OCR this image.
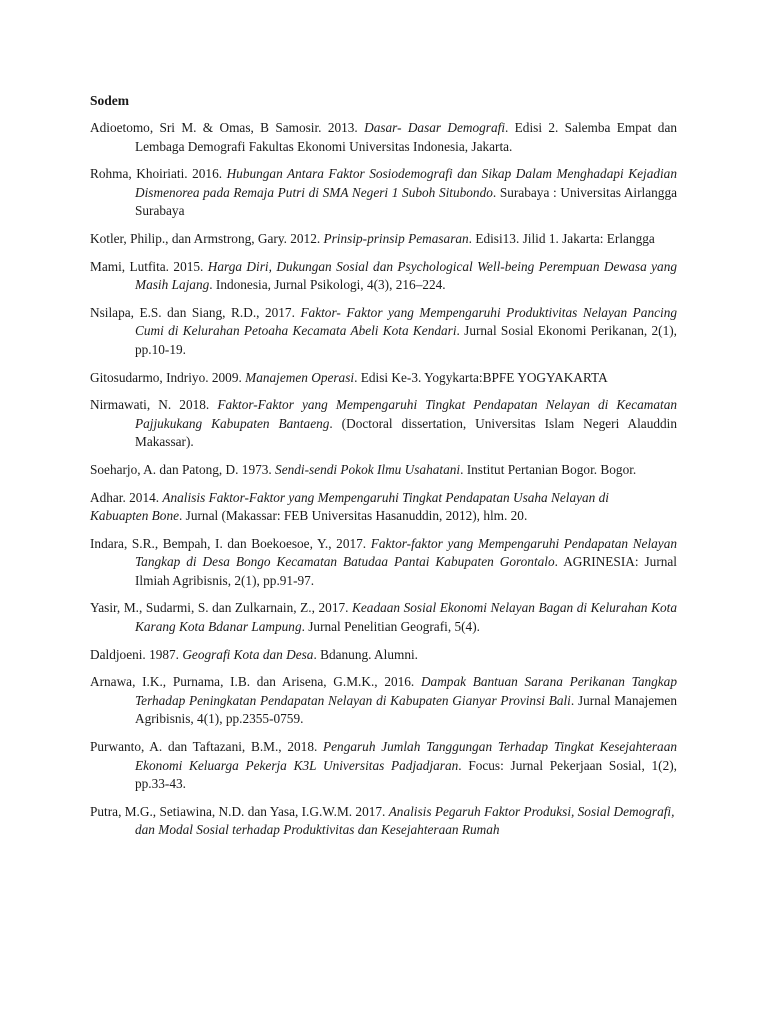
Sodem

Adioetomo, Sri M. & Omas, B Samosir. 2013. Dasar- Dasar Demografi. Edisi 2. Salemba Empat dan Lembaga Demografi Fakultas Ekonomi Universitas Indonesia, Jakarta.

Rohma, Khoiriati. 2016. Hubungan Antara Faktor Sosiodemografi dan Sikap Dalam Menghadapi Kejadian Dismenorea pada Remaja Putri di SMA Negeri 1 Suboh Situbondo. Surabaya : Universitas Airlangga Surabaya

Kotler, Philip., dan Armstrong, Gary. 2012. Prinsip-prinsip Pemasaran. Edisi13. Jilid 1. Jakarta: Erlangga

Mami, Lutfita. 2015. Harga Diri, Dukungan Sosial dan Psychological Well-being Perempuan Dewasa yang Masih Lajang. Indonesia, Jurnal Psikologi, 4(3), 216–224.

Nsilapa, E.S. dan Siang, R.D., 2017. Faktor- Faktor yang Mempengaruhi Produktivitas Nelayan Pancing Cumi di Kelurahan Petoaha Kecamata Abeli Kota Kendari. Jurnal Sosial Ekonomi Perikanan, 2(1), pp.10-19.

Gitosudarmo, Indriyo. 2009. Manajemen Operasi. Edisi Ke-3. Yogykarta:BPFE YOGYAKARTA

Nirmawati, N. 2018. Faktor-Faktor yang Mempengaruhi Tingkat Pendapatan Nelayan di Kecamatan Pajjukukang Kabupaten Bantaeng. (Doctoral dissertation, Universitas Islam Negeri Alauddin Makassar).

Soeharjo, A. dan Patong, D. 1973. Sendi-sendi Pokok Ilmu Usahatani. Institut Pertanian Bogor. Bogor.

Adhar. 2014. Analisis Faktor-Faktor yang Mempengaruhi Tingkat Pendapatan Usaha Nelayan di

Kabuapten Bone. Jurnal (Makassar: FEB Universitas Hasanuddin, 2012), hlm. 20.

Indara, S.R., Bempah, I. dan Boekoesoe, Y., 2017. Faktor-faktor yang Mempengaruhi Pendapatan Nelayan Tangkap di Desa Bongo Kecamatan Batudaa Pantai Kabupaten Gorontalo. AGRINESIA: Jurnal Ilmiah Agribisnis, 2(1), pp.91-97.

Yasir, M., Sudarmi, S. dan Zulkarnain, Z., 2017. Keadaan Sosial Ekonomi Nelayan Bagan di Kelurahan Kota Karang Kota Bdanar Lampung. Jurnal Penelitian Geografi, 5(4).

Daldjoeni. 1987. Geografi Kota dan Desa. Bdanung. Alumni.

Arnawa, I.K., Purnama, I.B. dan Arisena, G.M.K., 2016. Dampak Bantuan Sarana Perikanan Tangkap Terhadap Peningkatan Pendapatan Nelayan di Kabupaten Gianyar Provinsi Bali. Jurnal Manajemen Agribisnis, 4(1), pp.2355-0759.

Purwanto, A. dan Taftazani, B.M., 2018. Pengaruh Jumlah Tanggungan Terhadap Tingkat Kesejahteraan Ekonomi Keluarga Pekerja K3L Universitas Padjadjaran. Focus: Jurnal Pekerjaan Sosial, 1(2), pp.33-43.

Putra, M.G., Setiawina, N.D. dan Yasa, I.G.W.M. 2017. Analisis Pegaruh Faktor Produksi, Sosial Demografi, dan Modal Sosial terhadap Produktivitas dan Kesejahteraan Rumah
